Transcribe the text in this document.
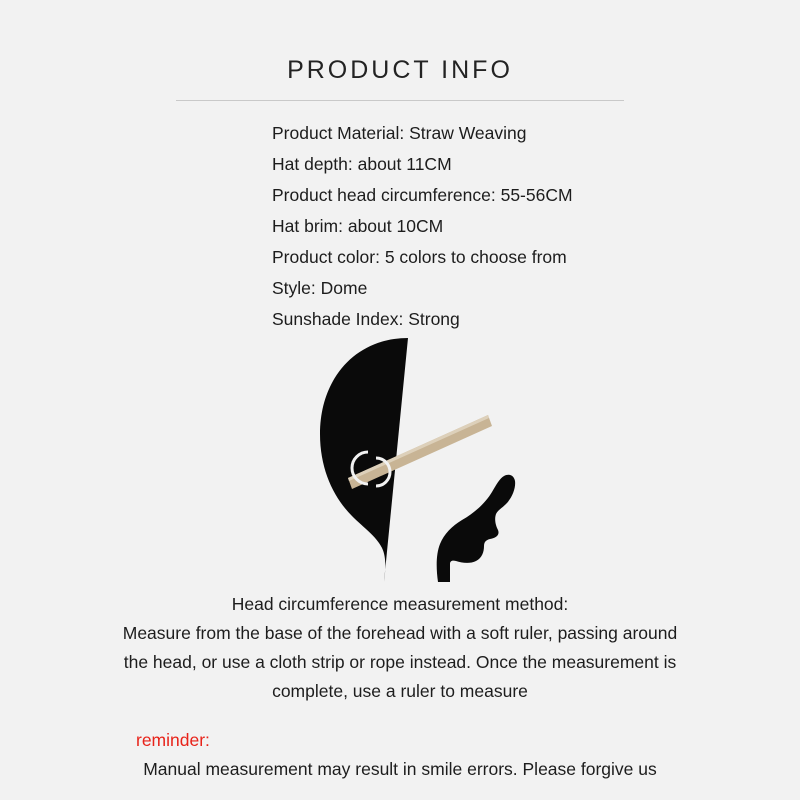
PRODUCT INFO
Product Material: Straw Weaving
Hat depth: about 11CM
Product head circumference: 55-56CM
Hat brim: about 10CM
Product color: 5 colors to choose from
Style: Dome
Sunshade Index: Strong
Head circumference measurement method:
Measure from the base of the forehead with a soft ruler, passing around
the head, or use a cloth strip or rope instead. Once the measurement is
complete, use a ruler to measure
reminder:
Manual measurement may result in smile errors. Please forgive us
